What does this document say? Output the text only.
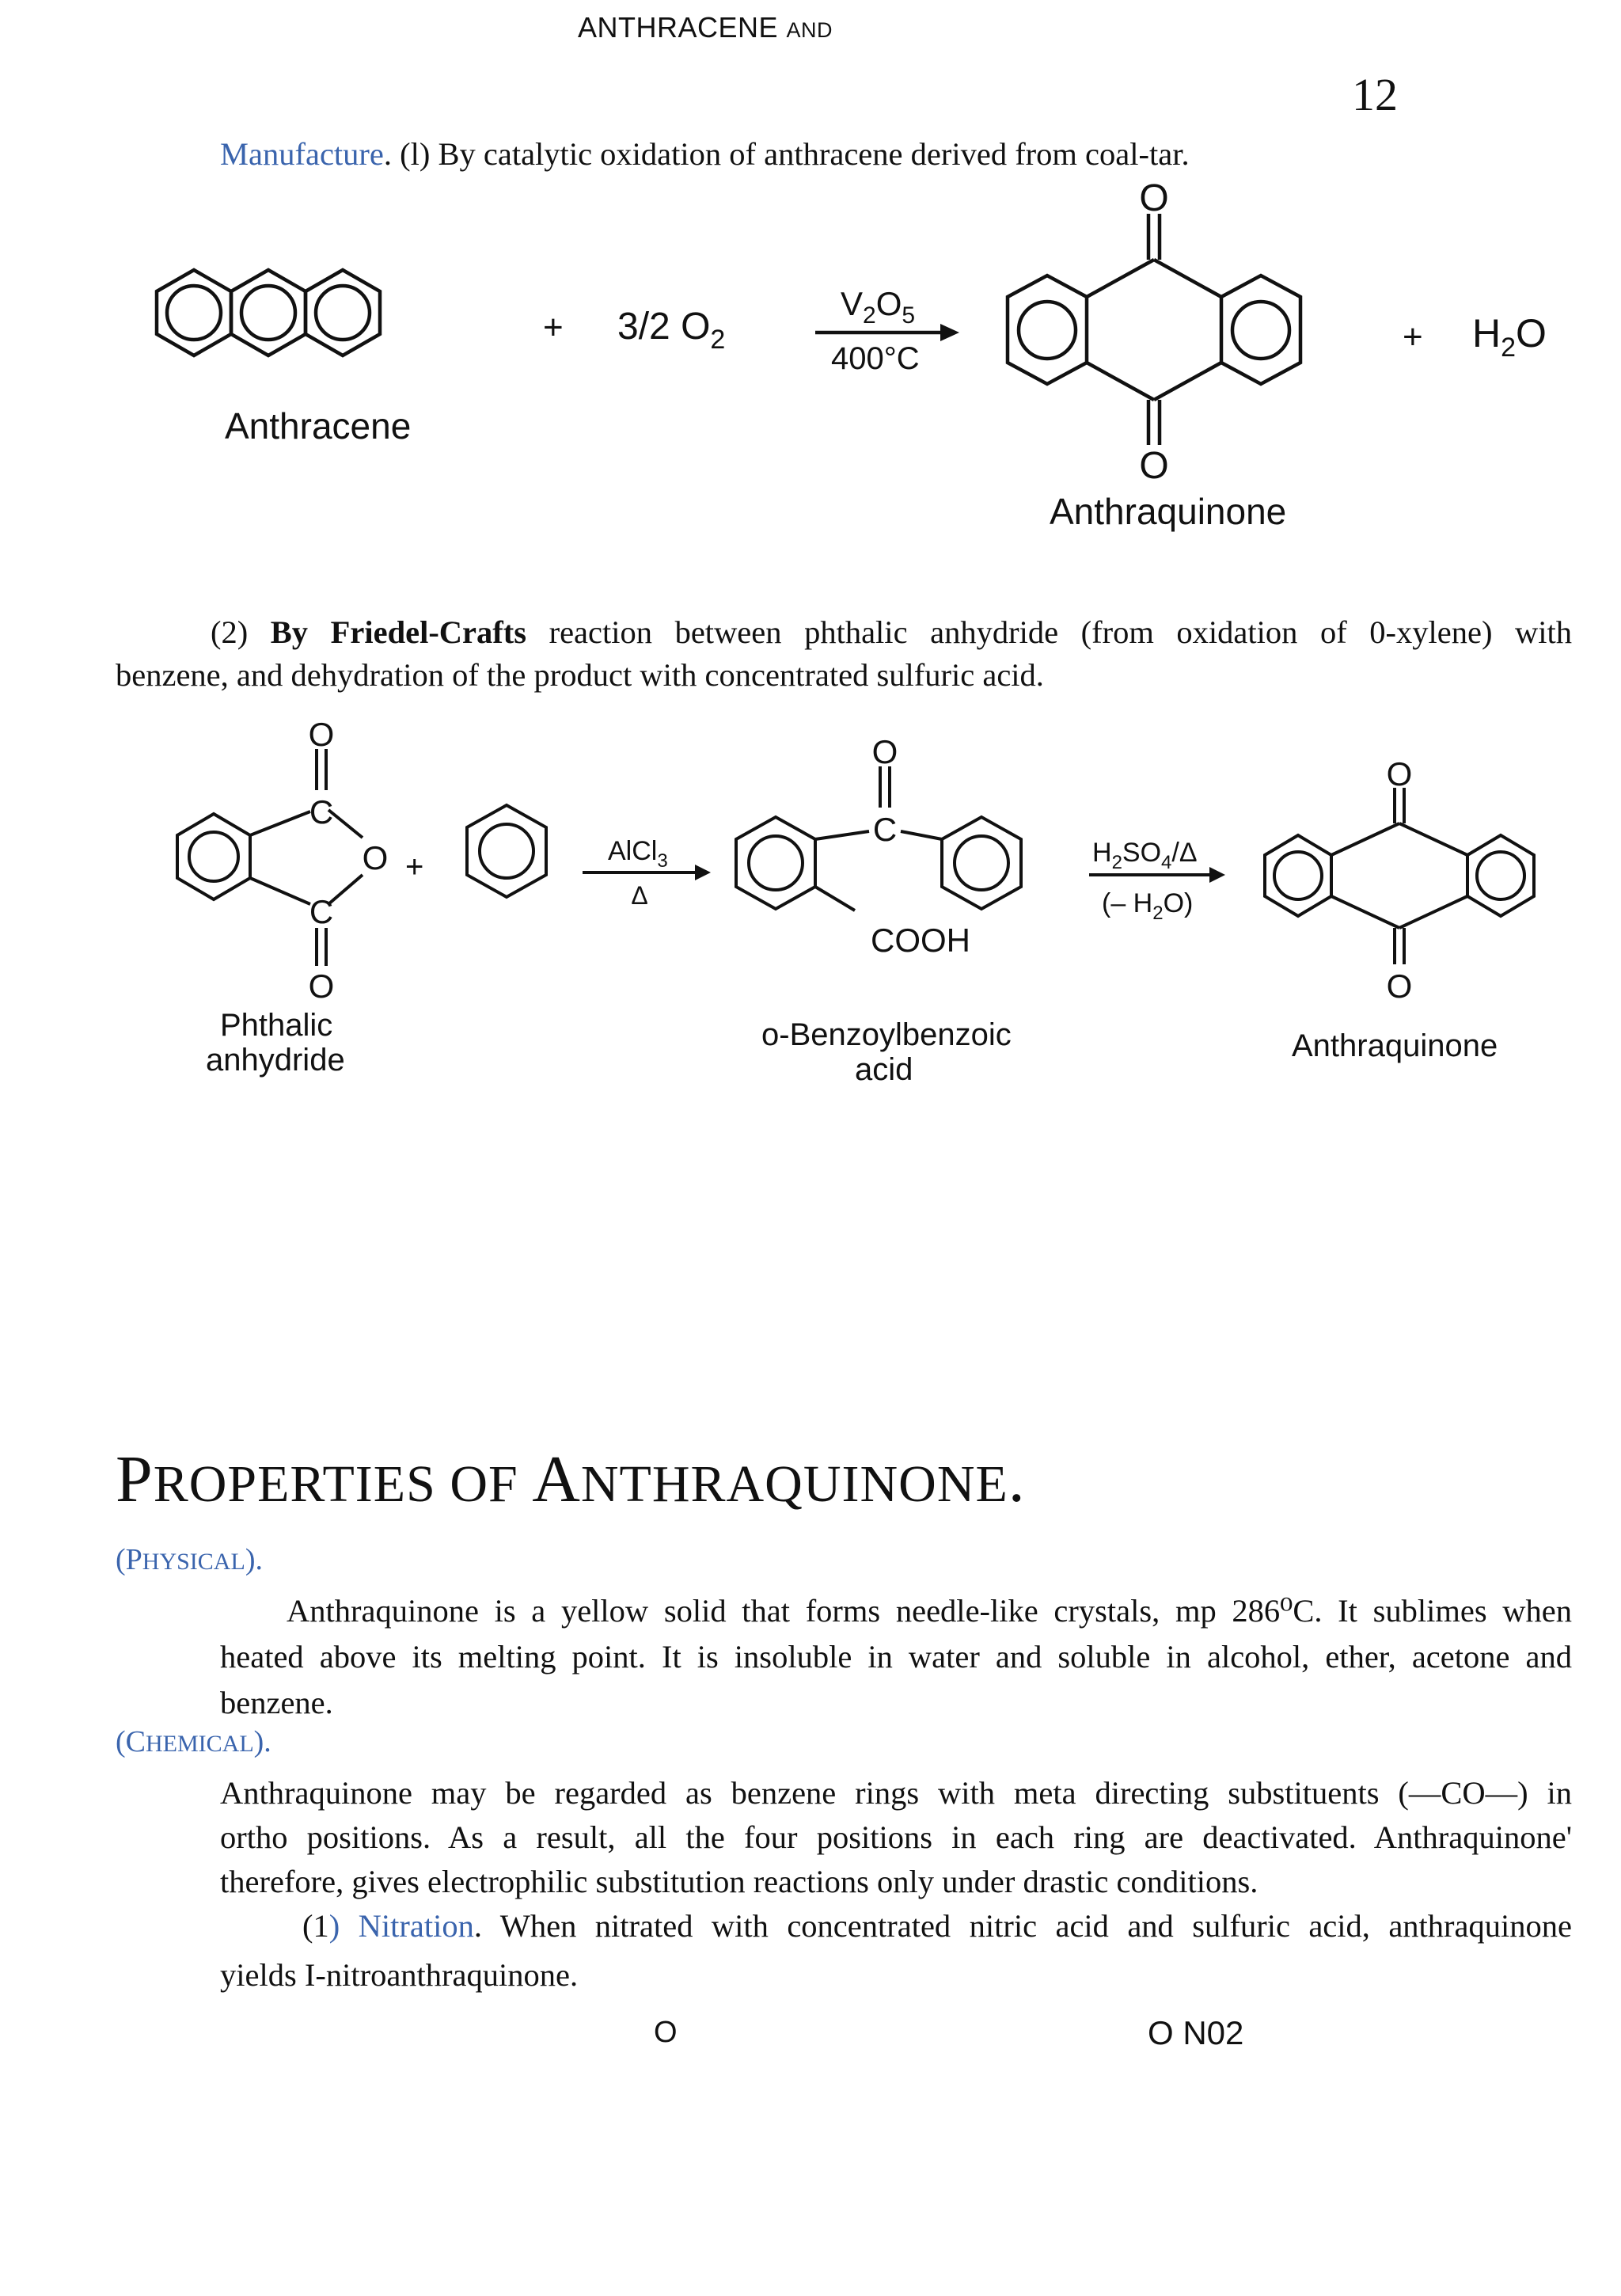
ANTHRACENE AND
12
Manufacture. (l) By catalytic oxidation of anthracene derived from coal-tar.
+ 3/2 $O_2$
$V_2O_5$
400°C
+ $H_2O$
O
O
Anthracene
Anthraquinone
(2) By Friedel-Crafts reaction between phthalic anhydride (from oxidation of 0-xylene) with
benzene, and dehydration of the product with concentrated sulfuric acid.
O
C
O
C
O
+	AlCl$_3$
Δ
O
C
COOH
$H_2SO_4/\Delta$
(– $H_2O$)
O
O
Phthalic
anhydride
o-Benzoylbenzoic
acid
Anthraquinone
PROPERTIES OF ANTHRAQUINONE.
(PHYSICAL).
Anthraquinone is a yellow solid that forms needle-like crystals, mp 286⁰C. It sublimes when
heated above its melting point. It is insoluble in water and soluble in alcohol, ether, acetone and
benzene.
(CHEMICAL).
Anthraquinone may be regarded as benzene rings with meta directing substituents (—CO—) in
ortho positions. As a result, all the four positions in each ring are deactivated. Anthraquinone'
therefore, gives electrophilic substitution reactions only under drastic conditions.
(1) Nitration. When nitrated with concentrated nitric acid and sulfuric acid, anthraquinone
yields I-nitroanthraquinone.
O	O N02
